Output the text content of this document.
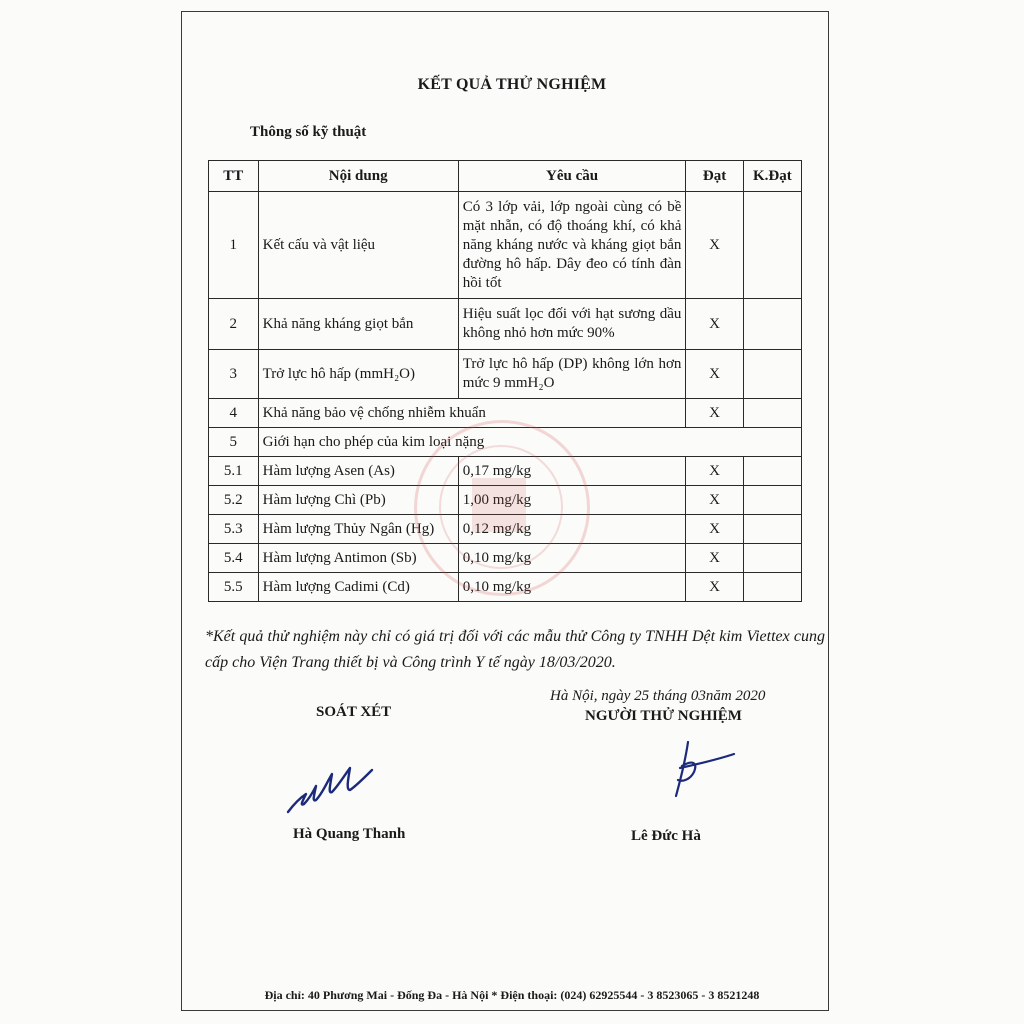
KẾT QUẢ THỬ NGHIỆM
Thông số kỹ thuật
TT	Nội dung	Yêu cầu	Đạt	K.Đạt
1	Kết cấu và vật liệu	Có 3 lớp vải, lớp ngoài cùng có bề mặt nhẵn, có độ thoáng khí, có khả năng kháng nước và kháng giọt bắn đường hô hấp. Dây đeo có tính đàn hồi tốt	X	
2	Khả năng kháng giọt bắn	Hiệu suất lọc đối với hạt sương dầu không nhỏ hơn mức 90%	X	
3	Trở lực hô hấp (mmH₂O)	Trở lực hô hấp (DP) không lớn hơn mức 9 mmH₂O	X	
4	Khả năng bảo vệ chống nhiễm khuẩn		X	
5	Giới hạn cho phép của kim loại nặng			
5.1	Hàm lượng Asen (As)	0,17 mg/kg	X	
5.2	Hàm lượng Chì (Pb)	1,00 mg/kg	X	
5.3	Hàm lượng Thủy Ngân (Hg)	0,12 mg/kg	X	
5.4	Hàm lượng Antimon (Sb)	0,10 mg/kg	X	
5.5	Hàm lượng Cadimi (Cd)	0,10 mg/kg	X	
*Kết quả thử nghiệm này chỉ có giá trị đối với các mẫu thử Công ty TNHH Dệt kim Viettex cung cấp cho Viện Trang thiết bị và Công trình Y tế ngày 18/03/2020.
Hà Nội, ngày 25 tháng 03năm 2020
SOÁT XÉT	NGƯỜI THỬ NGHIỆM
Hà Quang Thanh	Lê Đức Hà
Địa chỉ: 40 Phương Mai - Đống Đa - Hà Nội * Điện thoại: (024) 62925544 - 3 8523065 - 3 8521248
